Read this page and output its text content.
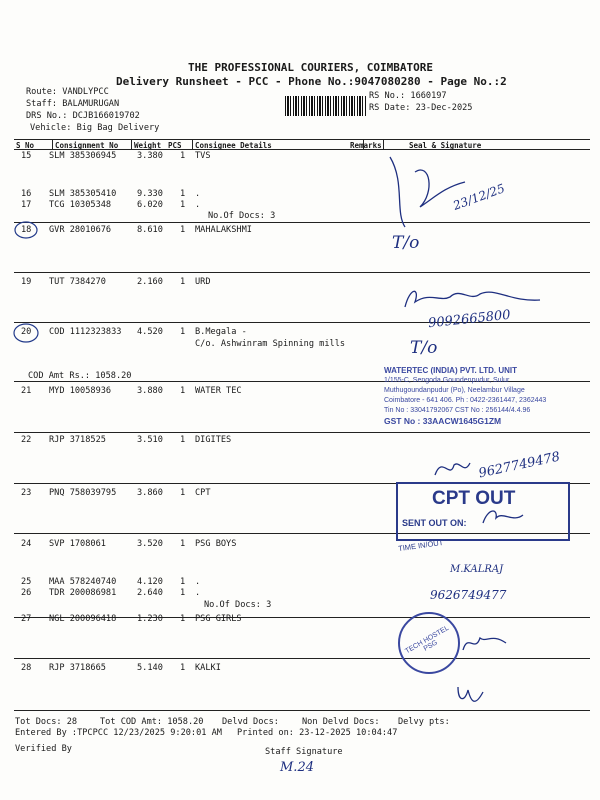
THE PROFESSIONAL COURIERS, COIMBATORE
Delivery Runsheet - PCC - Phone No.:9047080280 - Page No.:2
Route: VANDLYPCC
Staff: BALAMURUGAN
DRS No.: DCJB166019702
Vehicle: Big Bag Delivery
RS No.: 1660197
RS Date: 23-Dec-2025
S No	Consignment No Weight PCS Consignee Details	Remarks	Seal & Signature
15 SLM 385306945 3.380 1 TVS
16 SLM 385305410 9.330 1 .
17 TCG 10305348	6.020 1 .
No.Of Docs: 3
18 GVR 28010676	8.610 1 MAHALAKSHMI
19 TUT 7384270	2.160 1 URD
20 COD 1112323833 4.520 1 B.Megala -
C/o. Ashwinram Spinning mills
COD Amt Rs.: 1058.20
21 MYD 10058936	3.880 1 WATER TEC
22 RJP 3718525	3.510 1 DIGITES
23 PNQ 758039795 3.860 1 CPT
24 SVP 1708061	3.520 1 PSG BOYS
25 MAA 578240740 4.120 1 .
26 TDR 200086981 2.640 1 .
No.Of Docs: 3
27 NGL 200096418 1.230 1 PSG GIRLS
28 RJP 3718665	5.140 1 KALKI
23/12/25
T/o
9092665800
T/o
WATERTEC (INDIA) PVT. LTD. UNIT
1/155-C, Sengoda Goundenpudur, Sulur
Muthugoundanpudur (Po), Neelambur Village
Coimbatore - 641 406. Ph : 0422-2361447, 2362443
Tin No : 33041792067 CST No : 256144/4.4.96
GST No : 33AACW1645G1ZM
9627749478
CPT OUT
SENT OUT ON:
TIME IN/OUT
M.KALRAJ
9626749477
TECH HOSTEL PSG
Tot Docs: 28	Tot COD Amt: 1058.20 Delvd Docs:	Non Delvd Docs: Delvy pts:
Entered By :TPCPCC 12/23/2025 9:20:01 AM Printed on: 23-12-2025 10:04:47
Verified By	Staff Signature
M.24
